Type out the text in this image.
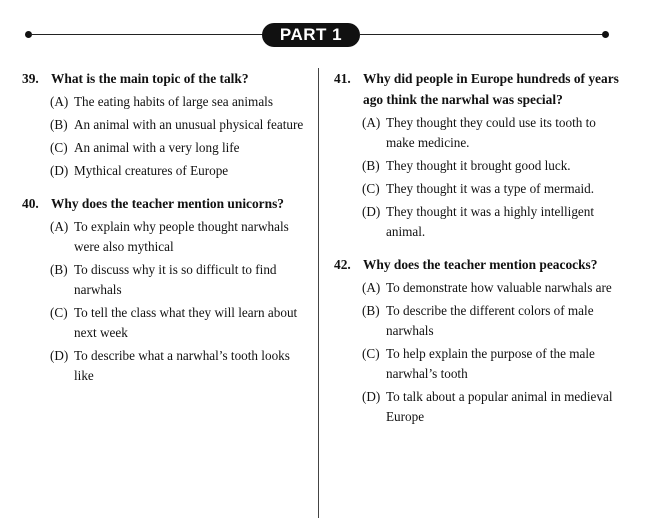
PART 1
39. What is the main topic of the talk?
(A) The eating habits of large sea animals
(B) An animal with an unusual physical feature
(C) An animal with a very long life
(D) Mythical creatures of Europe
40. Why does the teacher mention unicorns?
(A) To explain why people thought narwhals were also mythical
(B) To discuss why it is so difficult to find narwhals
(C) To tell the class what they will learn about next week
(D) To describe what a narwhal’s tooth looks like
41. Why did people in Europe hundreds of years ago think the narwhal was special?
(A) They thought they could use its tooth to make medicine.
(B) They thought it brought good luck.
(C) They thought it was a type of mermaid.
(D) They thought it was a highly intelligent animal.
42. Why does the teacher mention peacocks?
(A) To demonstrate how valuable narwhals are
(B) To describe the different colors of male narwhals
(C) To help explain the purpose of the male narwhal’s tooth
(D) To talk about a popular animal in medieval Europe
